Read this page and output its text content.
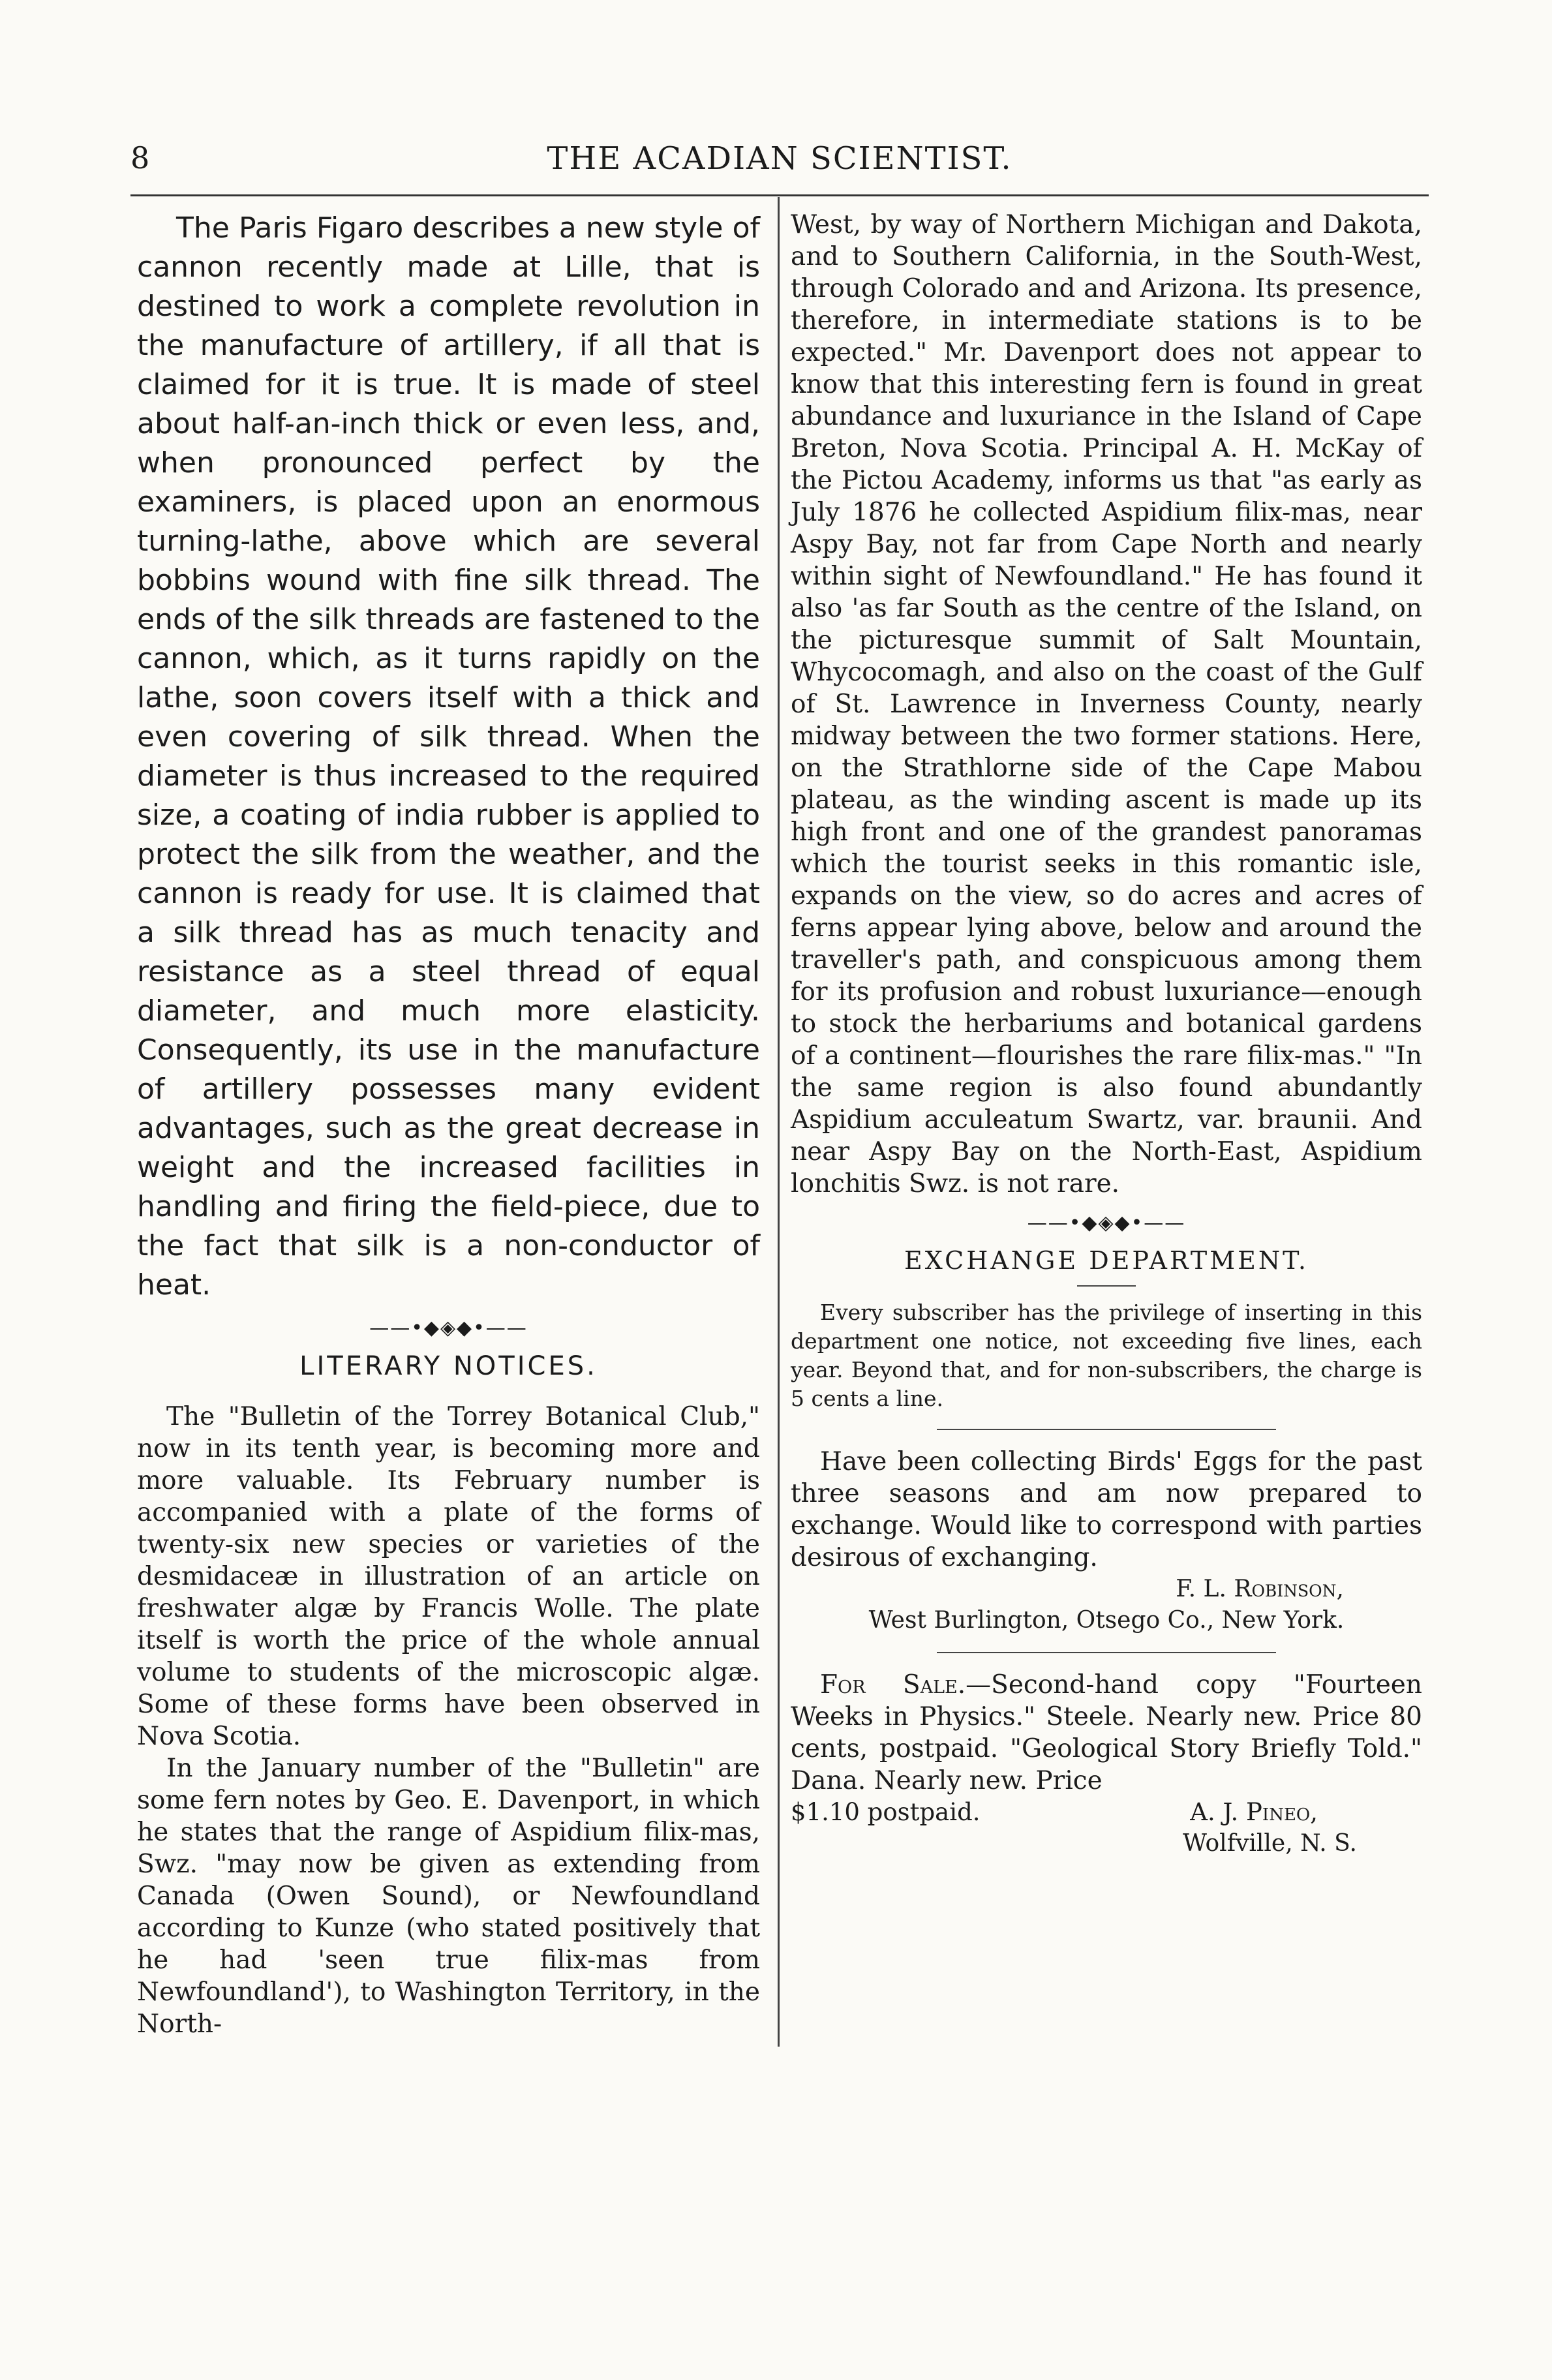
8	THE ACADIAN SCIENTIST.

The Paris Figaro describes a new style of cannon recently made at Lille, that is destined to work a complete revolution in the manufacture of artillery, if all that is claimed for it is true. It is made of steel about half-an-inch thick or even less, and, when pronounced perfect by the examiners, is placed upon an enormous turning-lathe, above which are several bobbins wound with fine silk thread. The ends of the silk threads are fastened to the cannon, which, as it turns rapidly on the lathe, soon covers itself with a thick and even covering of silk thread. When the diameter is thus increased to the required size, a coating of india rubber is applied to protect the silk from the weather, and the cannon is ready for use. It is claimed that a silk thread has as much tenacity and resistance as a steel thread of equal diameter, and much more elasticity. Consequently, its use in the manufacture of artillery possesses many evident advantages, such as the great decrease in weight and the increased facilities in handling and firing the field-piece, due to the fact that silk is a non-conductor of heat.

——•◆◈◆•——
LITERARY NOTICES.

The "Bulletin of the Torrey Botanical Club," now in its tenth year, is becoming more and more valuable. Its February number is accompanied with a plate of the forms of twenty-six new species or varieties of the desmidaceæ in illustration of an article on freshwater algæ by Francis Wolle. The plate itself is worth the price of the whole annual volume to students of the microscopic algæ. Some of these forms have been observed in Nova Scotia.

In the January number of the "Bulletin" are some fern notes by Geo. E. Davenport, in which he states that the range of Aspidium filix-mas, Swz. "may now be given as extending from Canada (Owen Sound), or Newfoundland according to Kunze (who stated positively that he had 'seen true filix-mas from Newfoundland'), to Washington Territory, in the North-

West, by way of Northern Michigan and Dakota, and to Southern California, in the South-West, through Colorado and and Arizona. Its presence, therefore, in intermediate stations is to be expected." Mr. Davenport does not appear to know that this interesting fern is found in great abundance and luxuriance in the Island of Cape Breton, Nova Scotia. Principal A. H. McKay of the Pictou Academy, informs us that "as early as July 1876 he collected Aspidium filix-mas, near Aspy Bay, not far from Cape North and nearly within sight of Newfoundland." He has found it also 'as far South as the centre of the Island, on the picturesque summit of Salt Mountain, Whycocomagh, and also on the coast of the Gulf of St. Lawrence in Inverness County, nearly midway between the two former stations. Here, on the Strathlorne side of the Cape Mabou plateau, as the winding ascent is made up its high front and one of the grandest panoramas which the tourist seeks in this romantic isle, expands on the view, so do acres and acres of ferns appear lying above, below and around the traveller's path, and conspicuous among them for its profusion and robust luxuriance—enough to stock the herbariums and botanical gardens of a continent—flourishes the rare filix-mas." "In the same region is also found abundantly Aspidium acculeatum Swartz, var. braunii. And near Aspy Bay on the North-East, Aspidium lonchitis Swz. is not rare.

——•◆◈◆•——
EXCHANGE DEPARTMENT.

Every subscriber has the privilege of inserting in this department one notice, not exceeding five lines, each year. Beyond that, and for non-subscribers, the charge is 5 cents a line.

Have been collecting Birds' Eggs for the past three seasons and am now prepared to exchange. Would like to correspond with parties desirous of exchanging.

F. L. Robinson,

West Burlington, Otsego Co., New York.

For Sale.—Second-hand copy "Fourteen Weeks in Physics." Steele. Nearly new. Price 80 cents, postpaid. "Geological Story Briefly Told." Dana. Nearly new. Price

$1.10 postpaid.	A. J. Pineo,

Wolfville, N. S.
